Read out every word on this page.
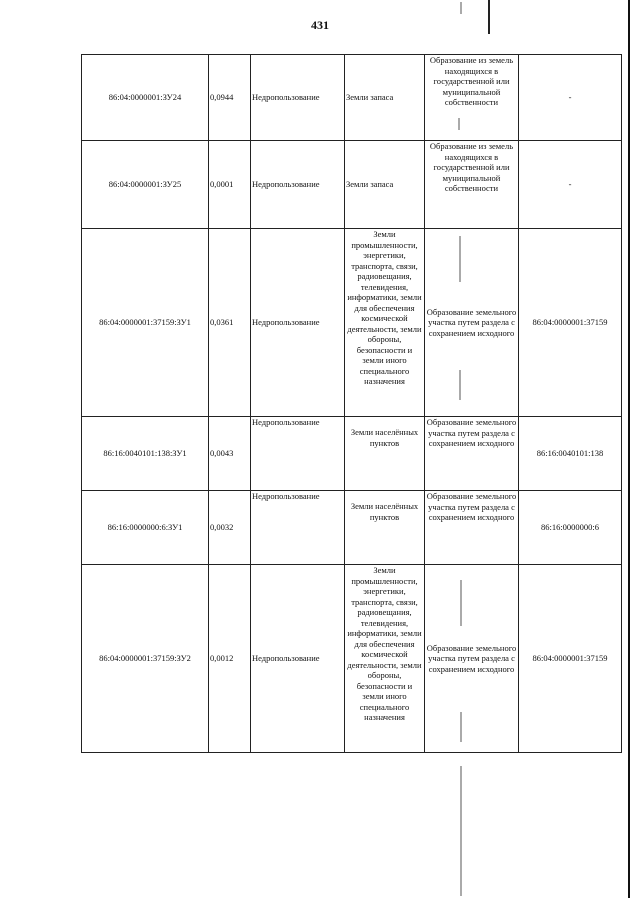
431
86:04:0000001:ЗУ24	0,0944	Недропользование	Земли запаса	Образование из земель находящихся в государственной или муниципальной собственности	-
86:04:0000001:ЗУ25	0,0001	Недропользование	Земли запаса	Образование из земель находящихся в государственной или муниципальной собственности	-
86:04:0000001:37159:ЗУ1	0,0361	Недропользование	Земли промышленности, энергетики, транспорта, связи, радиовещания, телевидения, информатики, земли для обеспечения космической деятельности, земли обороны, безопасности и земли иного специального назначения	Образование земельного участка путем раздела с сохранением исходного	86:04:0000001:37159
86:16:0040101:138:ЗУ1	0,0043	Недропользование	Земли населённых пунктов	Образование земельного участка путем раздела с сохранением исходного	86:16:0040101:138
86:16:0000000:6:ЗУ1	0,0032	Недропользование	Земли населённых пунктов	Образование земельного участка путем раздела с сохранением исходного	86:16:0000000:6
86:04:0000001:37159:ЗУ2	0,0012	Недропользование	Земли промышленности, энергетики, транспорта, связи, радиовещания, телевидения, информатики, земли для обеспечения космической деятельности, земли обороны, безопасности и земли иного специального назначения	Образование земельного участка путем раздела с сохранением исходного	86:04:0000001:37159
